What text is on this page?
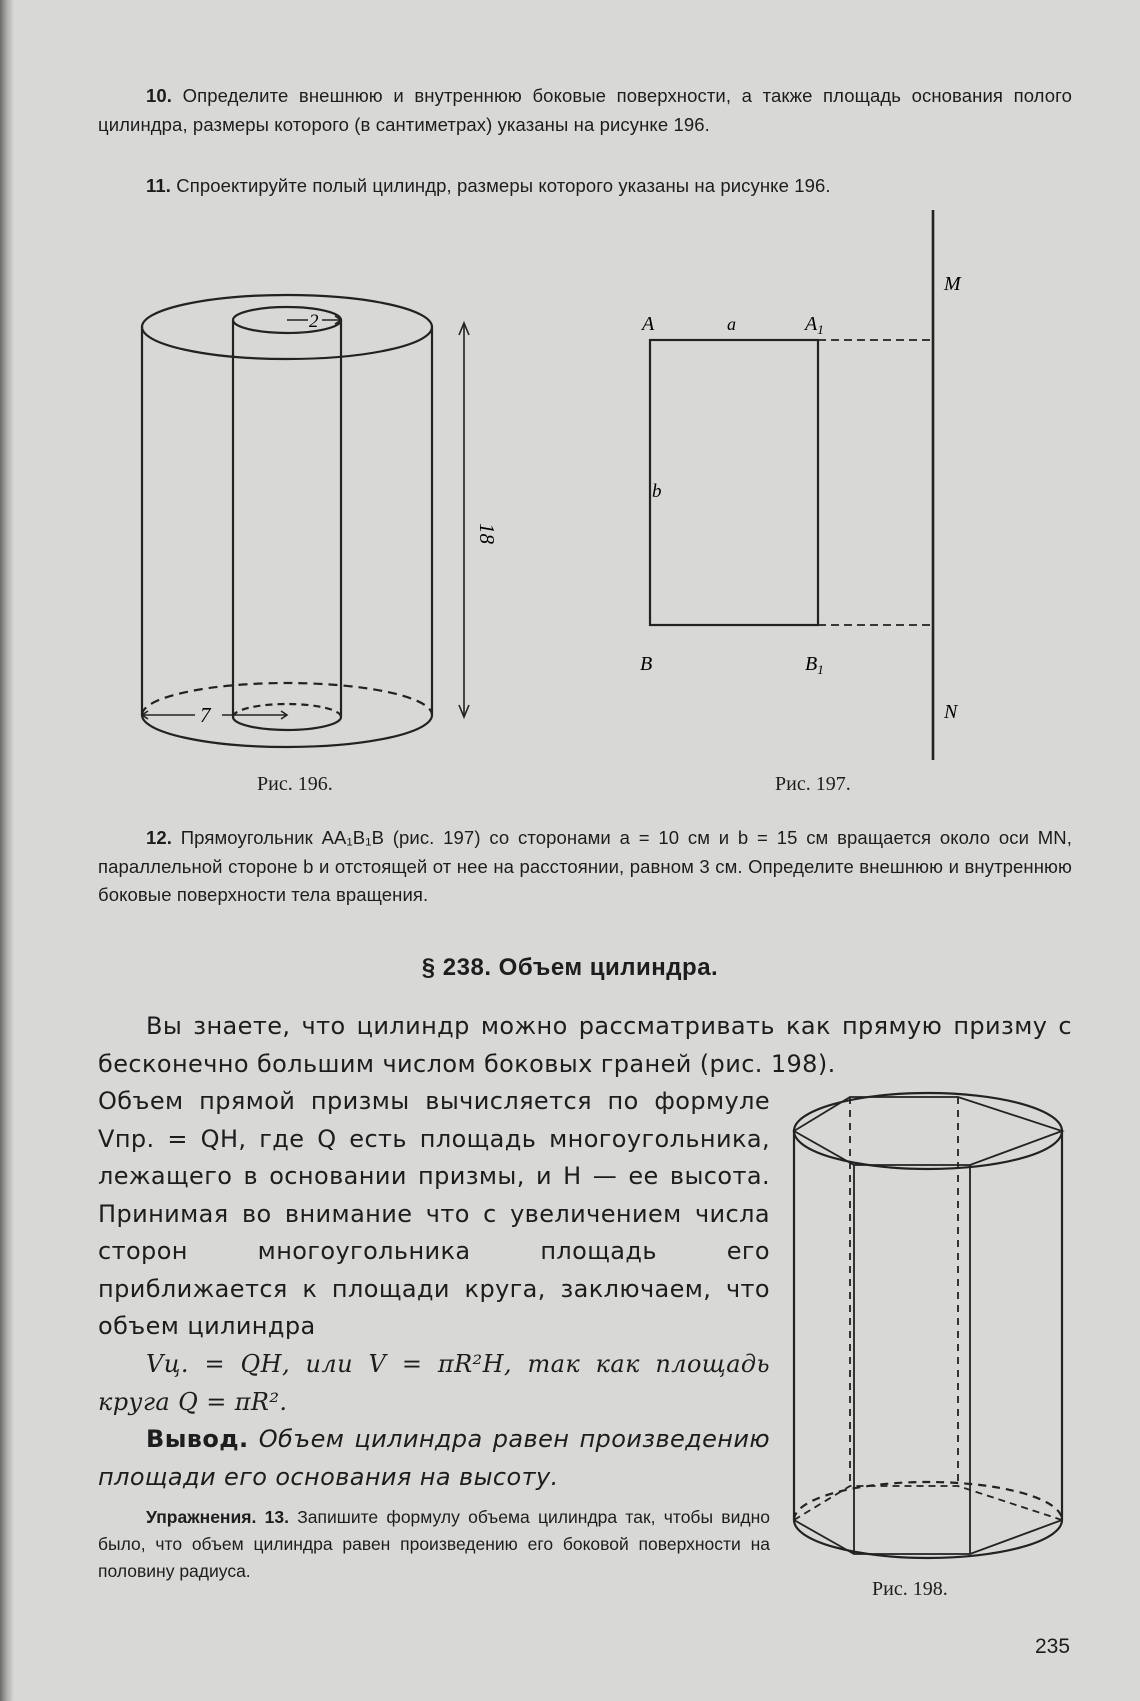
10. Определите внешнюю и внутреннюю боковые поверхности, а также площадь основания полого цилиндра, размеры которого (в сантиметрах) указаны на рисунке 196.
11. Спроектируйте полый цилиндр, размеры которого указаны на рисунке 196.
2
7
18
Рис. 196.
A	a	$A_1$
b
B	$B_1$
M
N
Рис. 197.
12. Прямоугольник AA₁B₁B (рис. 197) со сторонами a = 10 см и b = 15 см вращается около оси MN, параллельной стороне b и отстоящей от нее на расстоянии, равном 3 см. Определите внешнюю и внутреннюю боковые поверхности тела вращения.
§ 238. Объем цилиндра.
Вы знаете, что цилиндр можно рассматривать как прямую призму с бесконечно большим числом боковых граней (рис. 198).
Объем прямой призмы вычисляется по формуле Vпр. = QH, где Q есть площадь многоугольника, лежащего в основании призмы, и H — ее высота. Принимая во внимание что с увеличением числа сторон многоугольника площадь его приближается к площади круга, заключаем, что объем цилиндра
Vц. = QH, или V = πR²H, так как площадь круга Q = πR².
Вывод. Объем цилиндра равен произведению площади его основания на высоту.
Упражнения. 13. Запишите формулу объема цилиндра так, чтобы видно было, что объем цилиндра равен произведению его боковой поверхности на половину радиуса.
Рис. 198.
235
